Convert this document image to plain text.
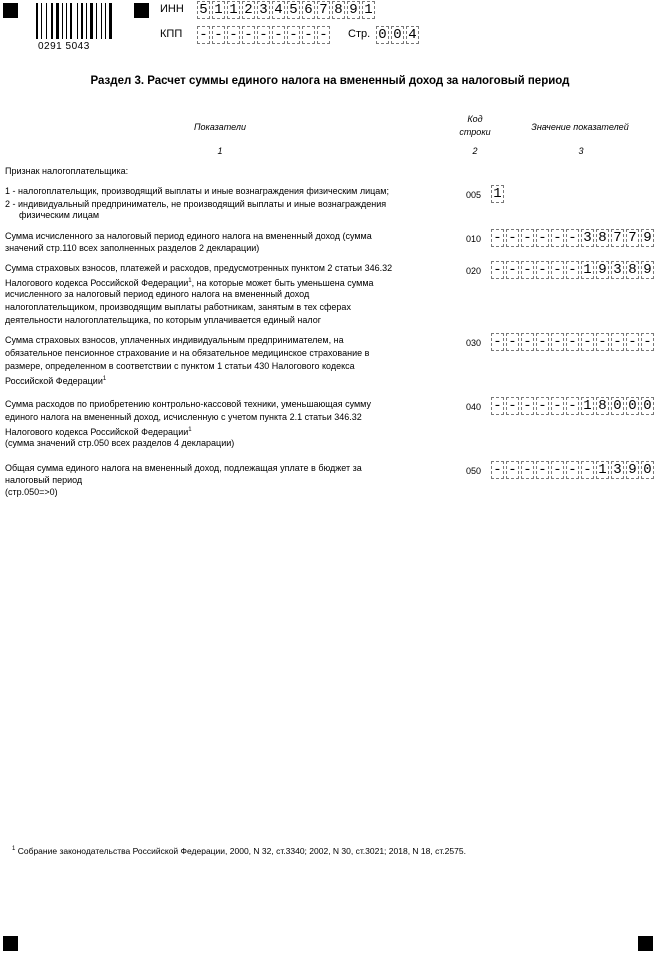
0291 5043
ИНН 5 1 1 2 3 4 5 6 7 8 9 1
КПП - - - - - - - - - Стр. 0 0 4
Раздел 3. Расчет суммы единого налога на вмененный доход за налоговый период
Показатели
Код
строки	Значение показателей
1	2	3
Признак налогоплательщика:
1 - налогоплательщик, производящий выплаты и иные вознаграждения физическим лицам;
2 - индивидуальный предприниматель, не производящий выплаты и иные вознаграждения
физическим лицам
005 1
Сумма исчисленного за налоговый период единого налога на вмененный доход (сумма
значений стр.110 всех заполненных разделов 2 декларации)
010 - - - - - - 3 8 7 7 9
Сумма страховых взносов, платежей и расходов, предусмотренных пунктом 2 статьи 346.32
Налогового кодекса Российской Федерации$^1$, на которые может быть уменьшена сумма
исчисленного за налоговый период единого налога на вмененный доход
налогоплательщиком, производящим выплаты работникам, занятым в тех сферах
деятельности налогоплательщика, по которым уплачивается единый налог
020 - - - - - - 1 9 3 8 9
Сумма страховых взносов, уплаченных индивидуальным предпринимателем, на
обязательное пенсионное страхование и на обязательное медицинское страхование в
размере, определенном в соответствии с пунктом 1 статьи 430 Налогового кодекса
Российской Федерации$^1$
030 - - - - - - - - - - -
Сумма расходов по приобретению контрольно-кассовой техники, уменьшающая сумму
единого налога на вмененный доход, исчисленную с учетом пункта 2.1 статьи 346.32
Налогового кодекса Российской Федерации$^1$
(сумма значений стр.050 всех разделов 4 декларации)
040 - - - - - - 1 8 0 0 0
Общая сумма единого налога на вмененный доход, подлежащая уплате в бюджет за
налоговый период
(стр.050=>0)
050 - - - - - - - 1 3 9 0
$^1$ Собрание законодательства Российской Федерации, 2000, N 32, ст.3340; 2002, N 30, ст.3021; 2018, N 18, ст.2575.
